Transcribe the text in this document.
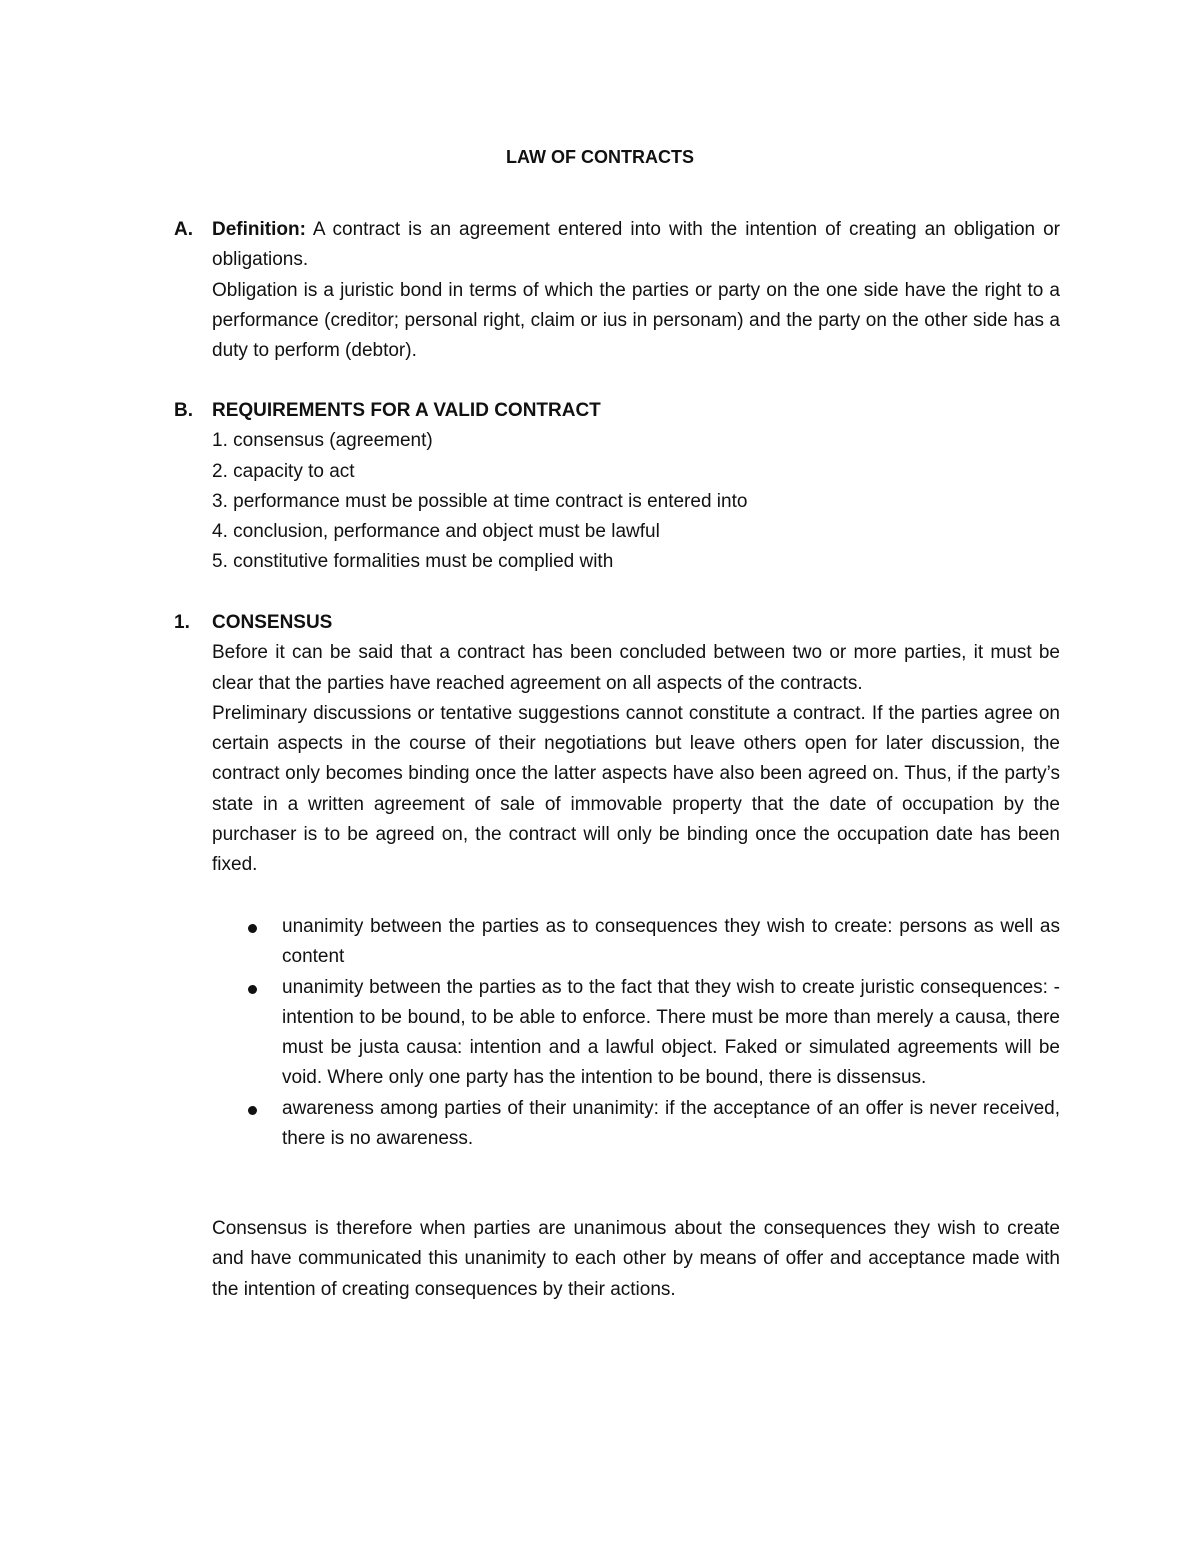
LAW OF CONTRACTS
A. Definition: A contract is an agreement entered into with the intention of creating an obligation or obligations.
Obligation is a juristic bond in terms of which the parties or party on the one side have the right to a performance (creditor; personal right, claim or ius in personam) and the party on the other side has a duty to perform (debtor).
B. REQUIREMENTS FOR A VALID CONTRACT
1. consensus (agreement)
2. capacity to act
3. performance must be possible at time contract is entered into
4. conclusion, performance and object must be lawful
5. constitutive formalities must be complied with
1. CONSENSUS
Before it can be said that a contract has been concluded between two or more parties, it must be clear that the parties have reached agreement on all aspects of the contracts.
Preliminary discussions or tentative suggestions cannot constitute a contract. If the parties agree on certain aspects in the course of their negotiations but leave others open for later discussion, the contract only becomes binding once the latter aspects have also been agreed on. Thus, if the party’s state in a written agreement of sale of immovable property that the date of occupation by the purchaser is to be agreed on, the contract will only be binding once the occupation date has been fixed.
unanimity between the parties as to consequences they wish to create: persons as well as content
unanimity between the parties as to the fact that they wish to create juristic consequences: - intention to be bound, to be able to enforce. There must be more than merely a causa, there must be justa causa: intention and a lawful object. Faked or simulated agreements will be void. Where only one party has the intention to be bound, there is dissensus.
awareness among parties of their unanimity: if the acceptance of an offer is never received, there is no awareness.
Consensus is therefore when parties are unanimous about the consequences they wish to create and have communicated this unanimity to each other by means of offer and acceptance made with the intention of creating consequences by their actions.
